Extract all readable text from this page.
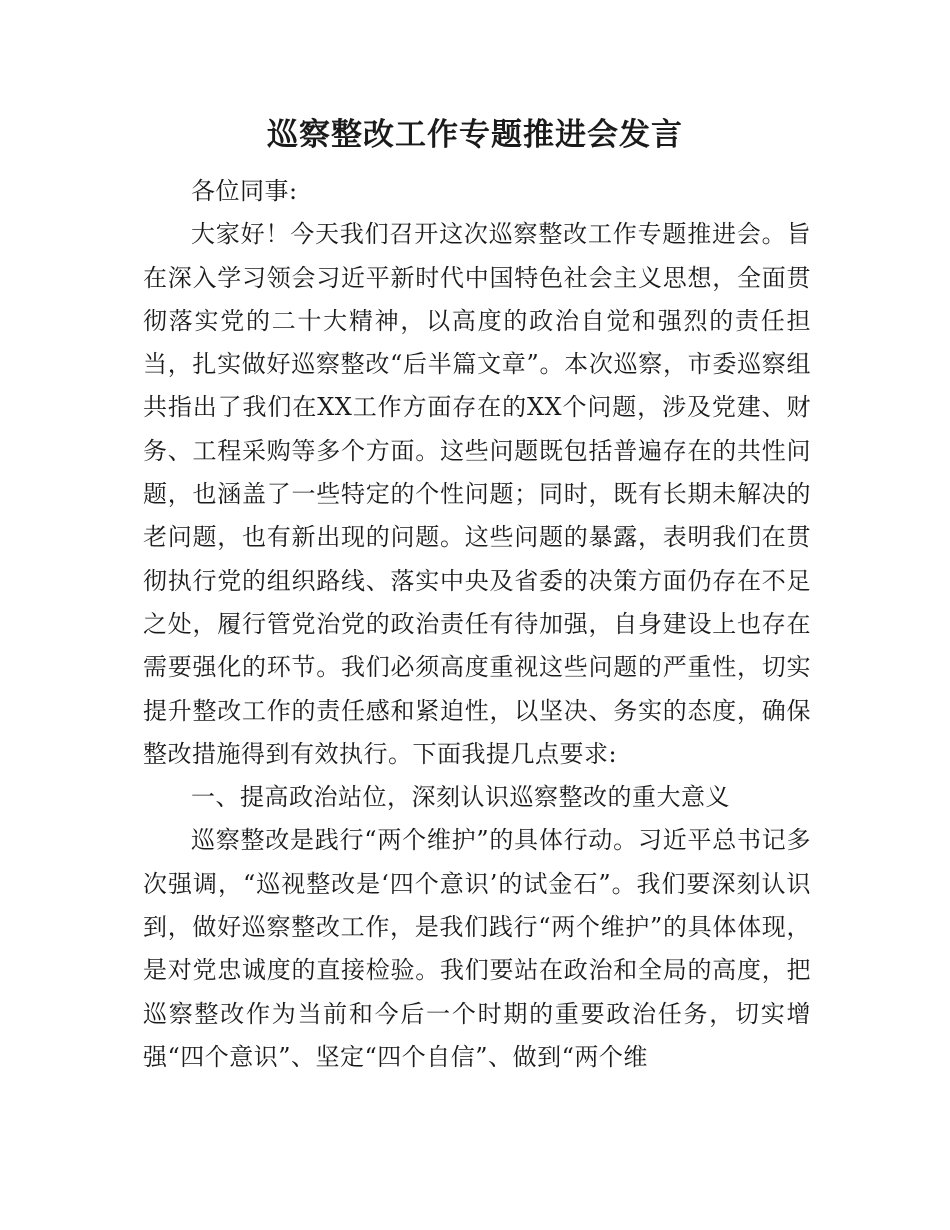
巡察整改工作专题推进会发言

各位同事:

大家好！今天我们召开这次巡察整改工作专题推进会。旨在深入学习领会习近平新时代中国特色社会主义思想，全面贯彻落实党的二十大精神，以高度的政治自觉和强烈的责任担当，扎实做好巡察整改“后半篇文章”。本次巡察，市委巡察组共指出了我们在XX工作方面存在的XX个问题，涉及党建、财务、工程采购等多个方面。这些问题既包括普遍存在的共性问题，也涵盖了一些特定的个性问题；同时，既有长期未解决的老问题，也有新出现的问题。这些问题的暴露，表明我们在贯彻执行党的组织路线、落实中央及省委的决策方面仍存在不足之处，履行管党治党的政治责任有待加强，自身建设上也存在需要强化的环节。我们必须高度重视这些问题的严重性，切实提升整改工作的责任感和紧迫性，以坚决、务实的态度，确保整改措施得到有效执行。下面我提几点要求:

一、提高政治站位，深刻认识巡察整改的重大意义

巡察整改是践行“两个维护”的具体行动。习近平总书记多次强调，“巡视整改是‘四个意识’的试金石”。我们要深刻认识到，做好巡察整改工作，是我们践行“两个维护”的具体体现，是对党忠诚度的直接检验。我们要站在政治和全局的高度，把巡察整改作为当前和今后一个时期的重要政治任务，切实增强“四个意识”、坚定“四个自信”、做到“两个维
